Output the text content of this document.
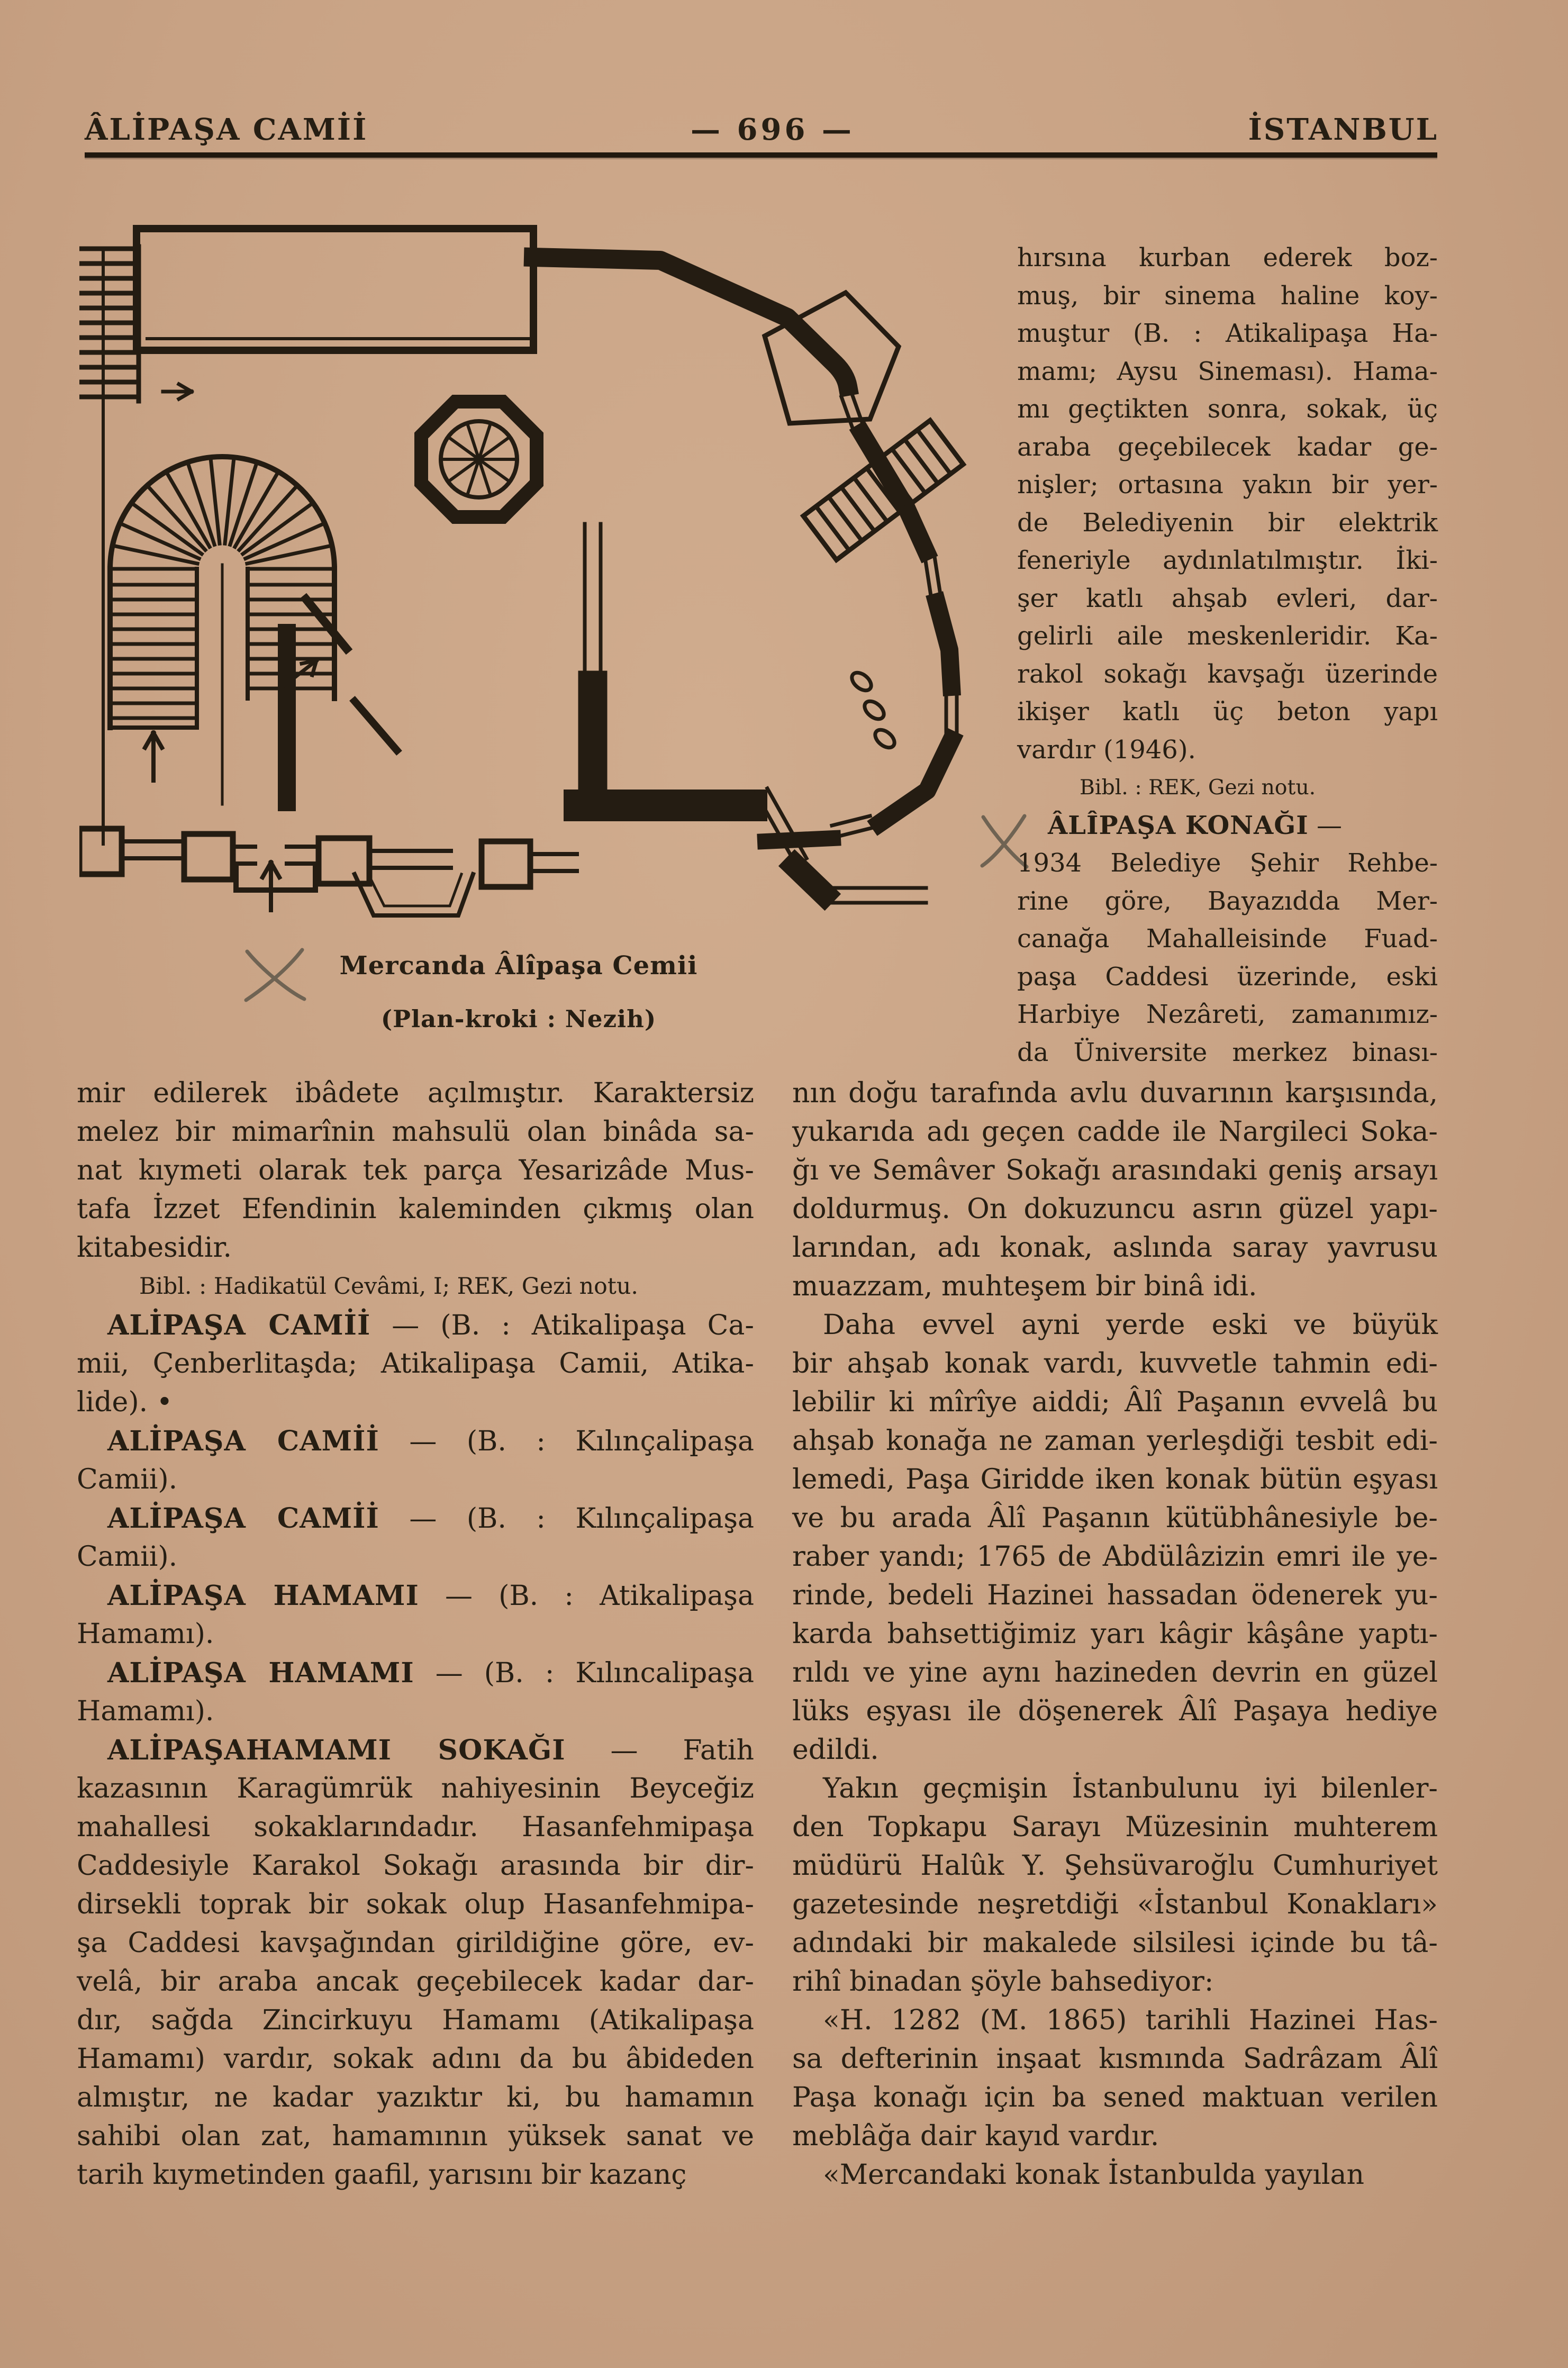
ÂLİPAŞA CAMİİ	— 696 —	İSTANBUL
Mercanda Âlîpaşa Cemii
(Plan-kroki : Nezih)
mir edilerek ibâdete açılmıştır. Karaktersiz
melez bir mimarînin mahsulü olan binâda sa-
nat kıymeti olarak tek parça Yesarizâde Mus-
tafa İzzet Efendinin kaleminden çıkmış olan
kitabesidir.
Bibl. : Hadikatül Cevâmi, I; REK, Gezi notu.
ALİPAŞA CAMİİ — (B. : Atikalipaşa Ca-
mii, Çenberlitaşda; Atikalipaşa Camii, Atika-
lide). •
ALİPAŞA CAMİİ — (B. : Kılınçalipaşa
Camii).
ALİPAŞA CAMİİ — (B. : Kılınçalipaşa
Camii).
ALİPAŞA HAMAMI — (B. : Atikalipaşa
Hamamı).
ALİPAŞA HAMAMI — (B. : Kılıncalipaşa
Hamamı).
ALİPAŞAHAMAMI SOKAĞI — Fatih
kazasının Karagümrük nahiyesinin Beyceğiz
mahallesi sokaklarındadır. Hasanfehmipaşa
Caddesiyle Karakol Sokağı arasında bir dir-
dirsekli toprak bir sokak olup Hasanfehmipa-
şa Caddesi kavşağından girildiğine göre, ev-
velâ, bir araba ancak geçebilecek kadar dar-
dır, sağda Zincirkuyu Hamamı (Atikalipaşa
Hamamı) vardır, sokak adını da bu âbideden
almıştır, ne kadar yazıktır ki, bu hamamın
sahibi olan zat, hamamının yüksek sanat ve
tarih kıymetinden gaafil, yarısını bir kazanç
hırsına kurban ederek boz-
muş, bir sinema haline koy-
muştur (B. : Atikalipaşa Ha-
mamı; Aysu Sineması). Hama-
mı geçtikten sonra, sokak, üç
araba geçebilecek kadar ge-
nişler; ortasına yakın bir yer-
de Belediyenin bir elektrik
feneriyle aydınlatılmıştır. İki-
şer katlı ahşab evleri, dar-
gelirli aile meskenleridir. Ka-
rakol sokağı kavşağı üzerinde
ikişer katlı üç beton yapı
vardır (1946).
Bibl. : REK, Gezi notu.
ÂLÎPAŞA KONAĞI —
1934 Belediye Şehir Rehbe-
rine göre, Bayazıdda Mer-
canağa Mahalleisinde Fuad-
paşa Caddesi üzerinde, eski
Harbiye Nezâreti, zamanımız-
da Üniversite merkez binası-
nın doğu tarafında avlu duvarının karşısında,
yukarıda adı geçen cadde ile Nargileci Soka-
ğı ve Semâver Sokağı arasındaki geniş arsayı
doldurmuş. On dokuzuncu asrın güzel yapı-
larından, adı konak, aslında saray yavrusu
muazzam, muhteşem bir binâ idi.
Daha evvel ayni yerde eski ve büyük
bir ahşab konak vardı, kuvvetle tahmin edi-
lebilir ki mîrîye aiddi; Âlî Paşanın evvelâ bu
ahşab konağa ne zaman yerleşdiği tesbit edi-
lemedi, Paşa Giridde iken konak bütün eşyası
ve bu arada Âlî Paşanın kütübhânesiyle be-
raber yandı; 1765 de Abdülâzizin emri ile ye-
rinde, bedeli Hazinei hassadan ödenerek yu-
karda bahsettiğimiz yarı kâgir kâşâne yaptı-
rıldı ve yine aynı hazineden devrin en güzel
lüks eşyası ile döşenerek Âlî Paşaya hediye
edildi.
Yakın geçmişin İstanbulunu iyi bilenler-
den Topkapu Sarayı Müzesinin muhterem
müdürü Halûk Y. Şehsüvaroğlu Cumhuriyet
gazetesinde neşretdiği «İstanbul Konakları»
adındaki bir makalede silsilesi içinde bu tâ-
rihî binadan şöyle bahsediyor:
«H. 1282 (M. 1865) tarihli Hazinei Has-
sa defterinin inşaat kısmında Sadrâzam Âlî
Paşa konağı için ba sened maktuan verilen
meblâğa dair kayıd vardır.
«Mercandaki konak İstanbulda yayılan
